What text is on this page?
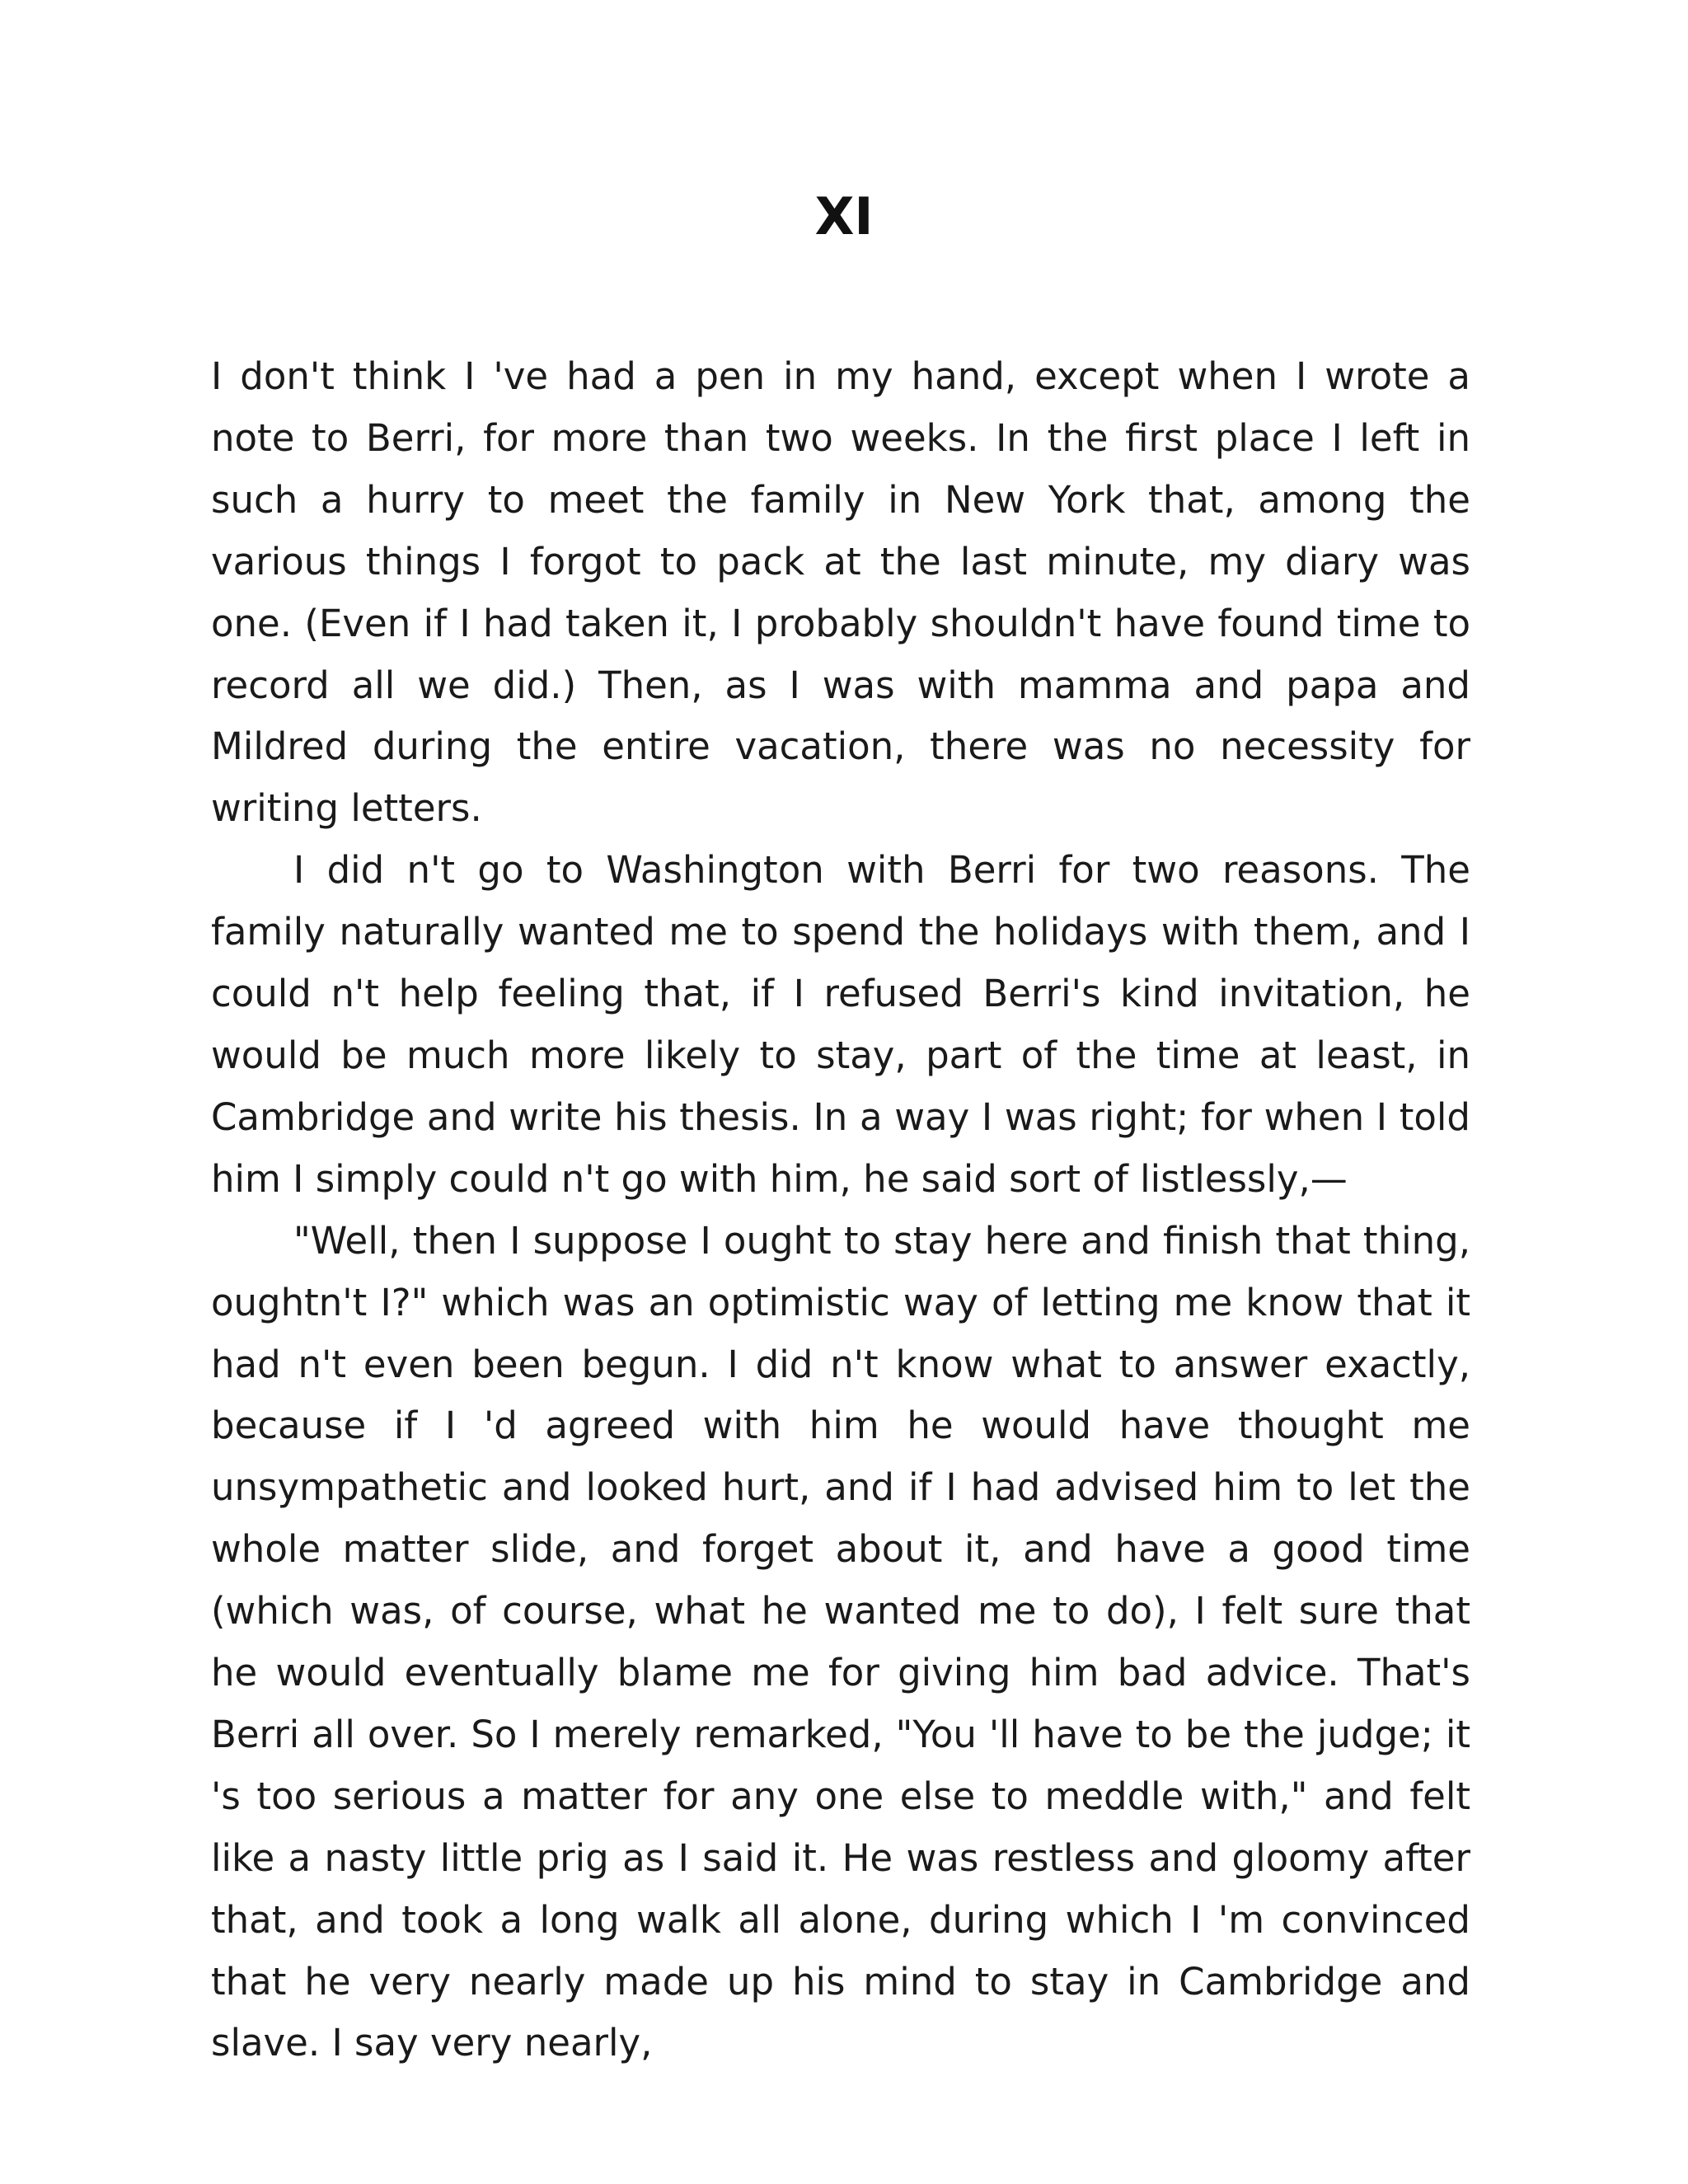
XI

I don't think I 've had a pen in my hand, except when I wrote a note to Berri, for more than two weeks. In the first place I left in such a hurry to meet the family in New York that, among the various things I forgot to pack at the last minute, my diary was one. (Even if I had taken it, I probably shouldn't have found time to record all we did.) Then, as I was with mamma and papa and Mildred during the entire vacation, there was no necessity for writing letters.

I did n't go to Washington with Berri for two reasons. The family naturally wanted me to spend the holidays with them, and I could n't help feeling that, if I refused Berri's kind invitation, he would be much more likely to stay, part of the time at least, in Cambridge and write his thesis. In a way I was right; for when I told him I simply could n't go with him, he said sort of listlessly,—

"Well, then I suppose I ought to stay here and finish that thing, oughtn't I?" which was an optimistic way of letting me know that it had n't even been begun. I did n't know what to answer exactly, because if I 'd agreed with him he would have thought me unsympathetic and looked hurt, and if I had advised him to let the whole matter slide, and forget about it, and have a good time (which was, of course, what he wanted me to do), I felt sure that he would eventually blame me for giving him bad advice. That's Berri all over. So I merely remarked, "You 'll have to be the judge; it 's too serious a matter for any one else to meddle with," and felt like a nasty little prig as I said it. He was restless and gloomy after that, and took a long walk all alone, during which I 'm convinced that he very nearly made up his mind to stay in Cambridge and slave. I say very nearly,
